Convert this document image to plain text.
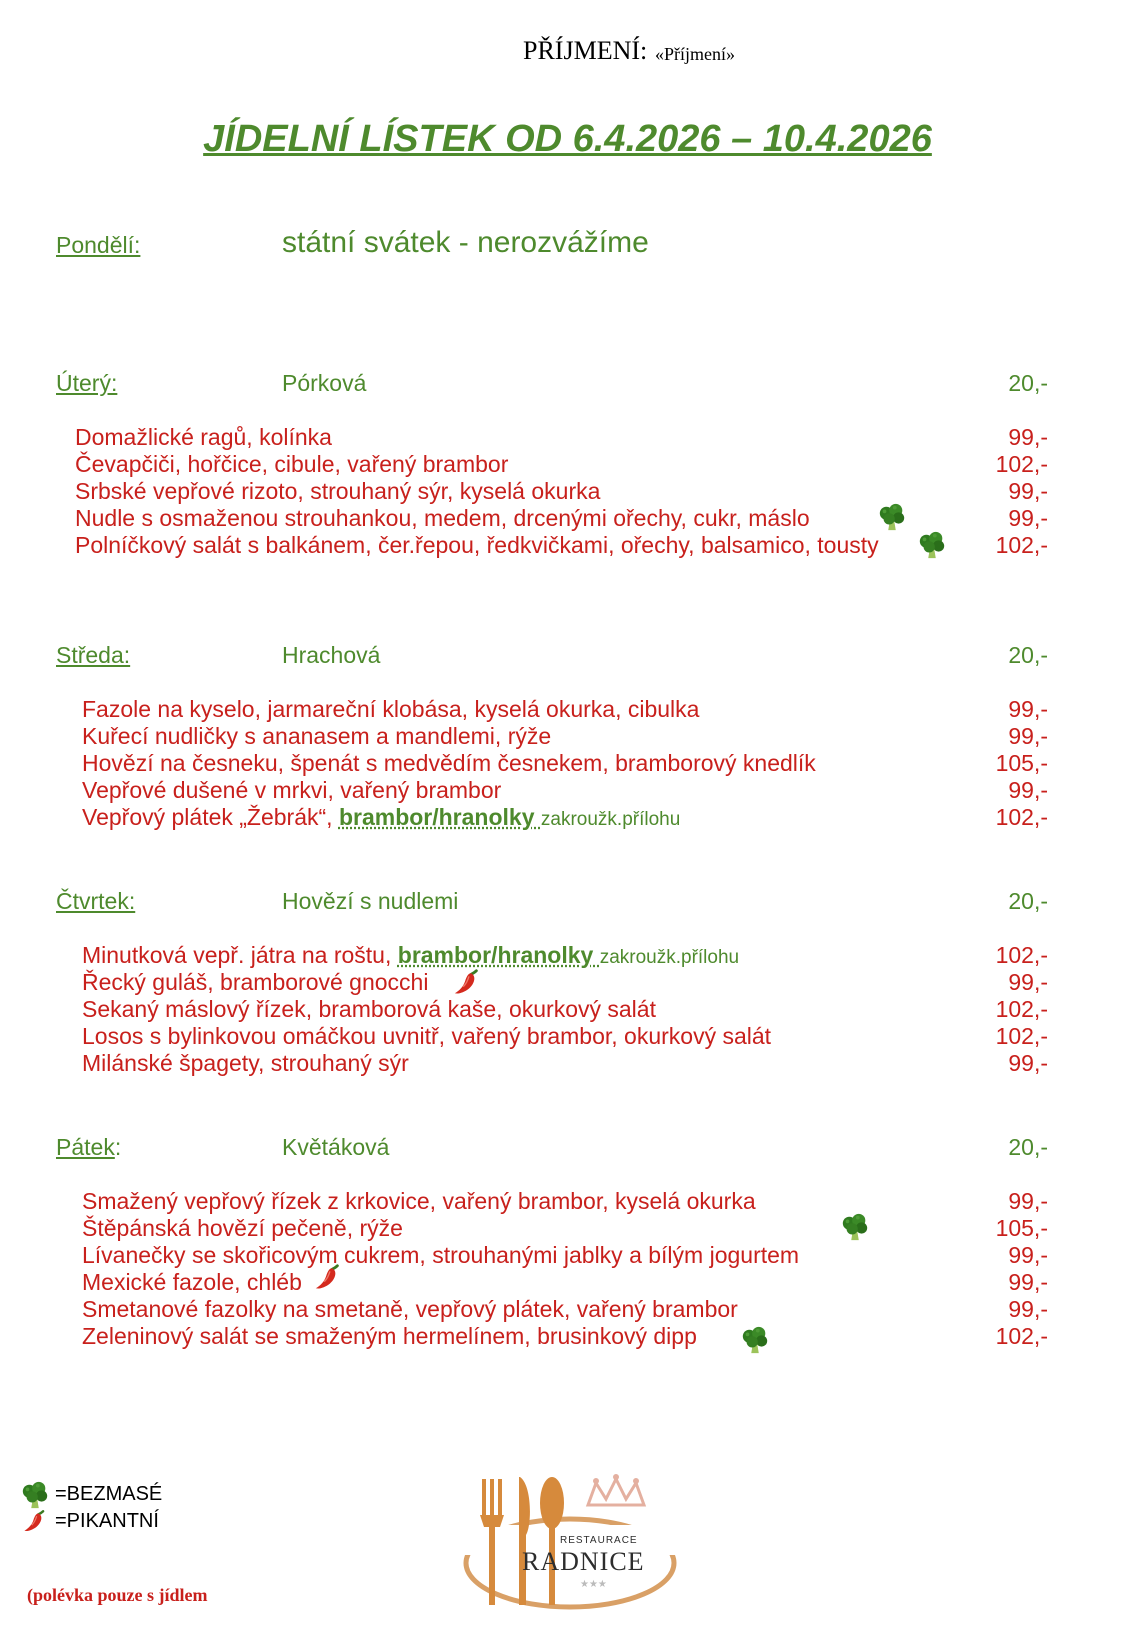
PŘÍJMENÍ: «Příjmení»
JÍDELNÍ LÍSTEK OD 6.4.2026 – 10.4.2026
Pondělí:	státní svátek - nerozvážíme
Úterý:	Pórková	20,-
Domažlické ragů, kolínka	99,-
Čevapčiči, hořčice, cibule, vařený brambor	102,-
Srbské vepřové rizoto, strouhaný sýr, kyselá okurka	99,-
Nudle s osmaženou strouhankou, medem, drcenými ořechy, cukr, máslo	99,-
Polníčkový salát s balkánem, čer.řepou, ředkvičkami, ořechy, balsamico, tousty	102,-
Středa:	Hrachová	20,-
Fazole na kyselo, jarmareční klobása, kyselá okurka, cibulka	99,-
Kuřecí nudličky s ananasem a mandlemi, rýže	99,-
Hovězí na česneku, špenát s medvědím česnekem, bramborový knedlík	105,-
Vepřové dušené v mrkvi, vařený brambor	99,-
Vepřový plátek „Žebrák“, brambor/hranolky zakroužk.přílohu	102,-
Čtvrtek:	Hovězí s nudlemi	20,-
Minutková vepř. játra na roštu, brambor/hranolky zakroužk.přílohu	102,-
Řecký guláš, bramborové gnocchi	99,-
Sekaný máslový řízek, bramborová kaše, okurkový salát	102,-
Losos s bylinkovou omáčkou uvnitř, vařený brambor, okurkový salát	102,-
Milánské špagety, strouhaný sýr	99,-
Pátek:	Květáková	20,-
Smažený vepřový řízek z krkovice, vařený brambor, kyselá okurka	99,-
Štěpánská hovězí pečeně, rýže	105,-
Lívanečky se skořicovým cukrem, strouhanými jablky a bílým jogurtem	99,-
Mexické fazole, chléb	99,-
Smetanové fazolky na smetaně, vepřový plátek, vařený brambor	99,-
Zeleninový salát se smaženým hermelínem, brusinkový dipp	102,-
=BEZMASÉ
=PIKANTNÍ
(polévka pouze s jídlem
RESTAURACE
RADNICE
★★★
